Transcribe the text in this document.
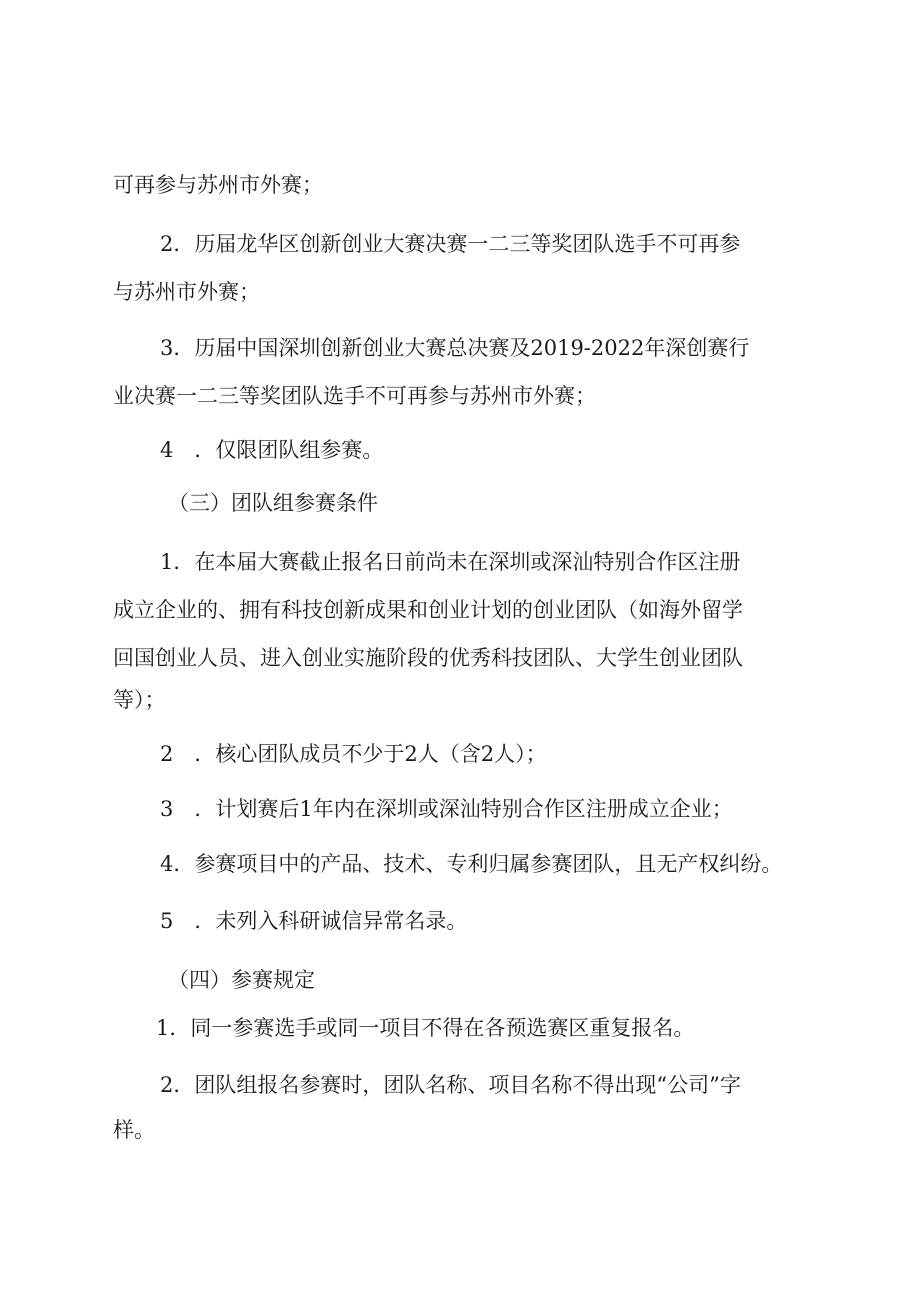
可再参与苏州市外赛；
2．历届龙华区创新创业大赛决赛一二三等奖团队选手不可再参
与苏州市外赛；
3．历届中国深圳创新创业大赛总决赛及2019-2022年深创赛行
业决赛一二三等奖团队选手不可再参与苏州市外赛；
4　．仅限团队组参赛。
（三）团队组参赛条件
1．在本届大赛截止报名日前尚未在深圳或深汕特别合作区注册
成立企业的、拥有科技创新成果和创业计划的创业团队（如海外留学
回国创业人员、进入创业实施阶段的优秀科技团队、大学生创业团队
等）；
2　．核心团队成员不少于2人（含2人）；
3　．计划赛后1年内在深圳或深汕特别合作区注册成立企业；
4．参赛项目中的产品、技术、专利归属参赛团队，且无产权纠纷。
5　．未列入科研诚信异常名录。
（四）参赛规定
1．同一参赛选手或同一项目不得在各预选赛区重复报名。
2．团队组报名参赛时，团队名称、项目名称不得出现“公司”字
样。
